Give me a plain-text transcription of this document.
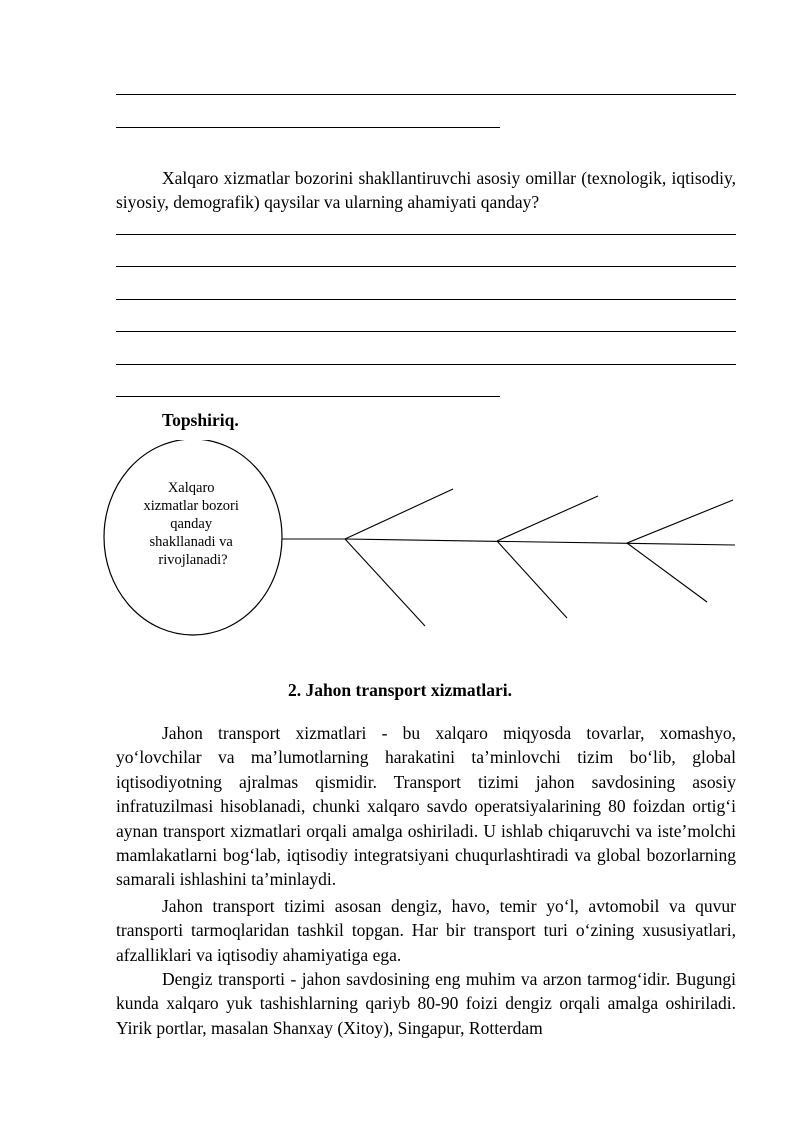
Xalqaro xizmatlar bozorini shakllantiruvchi asosiy omillar (texnologik, iqtisodiy, siyosiy, demografik) qaysilar va ularning ahamiyati qanday?

Topshiriq.
Xalqaro xizmatlar bozori qanday shakllanadi va rivojlanadi?
2. Jahon transport xizmatlari.

Jahon transport xizmatlari - bu xalqaro miqyosda tovarlar, xomashyo, yo‘lovchilar va ma’lumotlarning harakatini ta’minlovchi tizim bo‘lib, global iqtisodiyotning ajralmas qismidir. Transport tizimi jahon savdosining asosiy infratuzilmasi hisoblanadi, chunki xalqaro savdo operatsiyalarining 80 foizdan ortig‘i aynan transport xizmatlari orqali amalga oshiriladi. U ishlab chiqaruvchi va iste’molchi mamlakatlarni bog‘lab, iqtisodiy integratsiyani chuqurlashtiradi va global bozorlarning samarali ishlashini ta’minlaydi.

Jahon transport tizimi asosan dengiz, havo, temir yo‘l, avtomobil va quvur transporti tarmoqlaridan tashkil topgan. Har bir transport turi o‘zining xususiyatlari, afzalliklari va iqtisodiy ahamiyatiga ega.

Dengiz transporti - jahon savdosining eng muhim va arzon tarmog‘idir. Bugungi kunda xalqaro yuk tashishlarning qariyb 80-90 foizi dengiz orqali amalga oshiriladi. Yirik portlar, masalan Shanxay (Xitoy), Singapur, Rotterdam
